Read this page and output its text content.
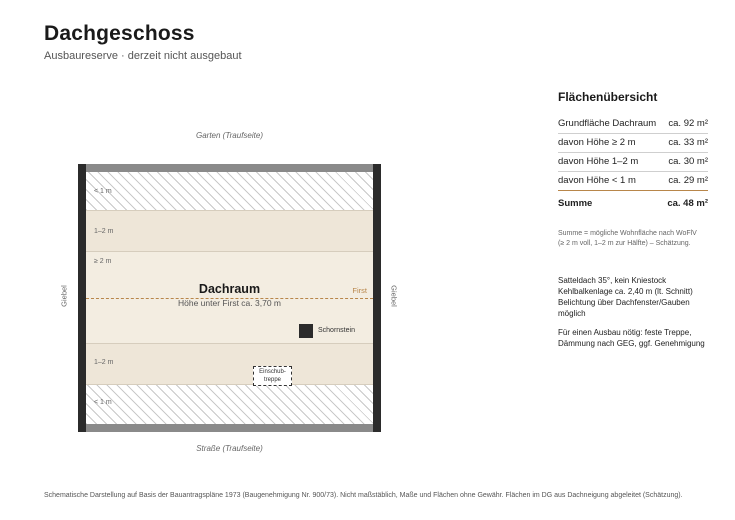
Dachgeschoss
Ausbaureserve · derzeit nicht ausgebaut
Garten (Traufseite)
Straße (Traufseite)
Giebel	Giebel
< 1 m
1–2 m
≥ 2 m
1–2 m
< 1 m
First
Dachraum
Höhe unter First ca. 3,70 m
Schornstein
Einschub-
treppe
Flächenübersicht
Grundfläche Dachraum ca. 92 m²
davon Höhe ≥ 2 m	ca. 33 m²
davon Höhe 1–2 m	ca. 30 m²
davon Höhe < 1 m	ca. 29 m²
Summe	ca. 48 m²
Summe = mögliche Wohnfläche nach WoFlV
(≥ 2 m voll, 1–2 m zur Hälfte) – Schätzung.
Satteldach 35°, kein Kniestock
Kehlbalkenlage ca. 2,40 m (lt. Schnitt)
Belichtung über Dachfenster/Gauben
möglich
Für einen Ausbau nötig: feste Treppe,
Dämmung nach GEG, ggf. Genehmigung
Schematische Darstellung auf Basis der Bauantragspläne 1973 (Baugenehmigung Nr. 900/73). Nicht maßstäblich, Maße und Flächen ohne Gewähr. Flächen im DG aus Dachneigung abgeleitet (Schätzung).
